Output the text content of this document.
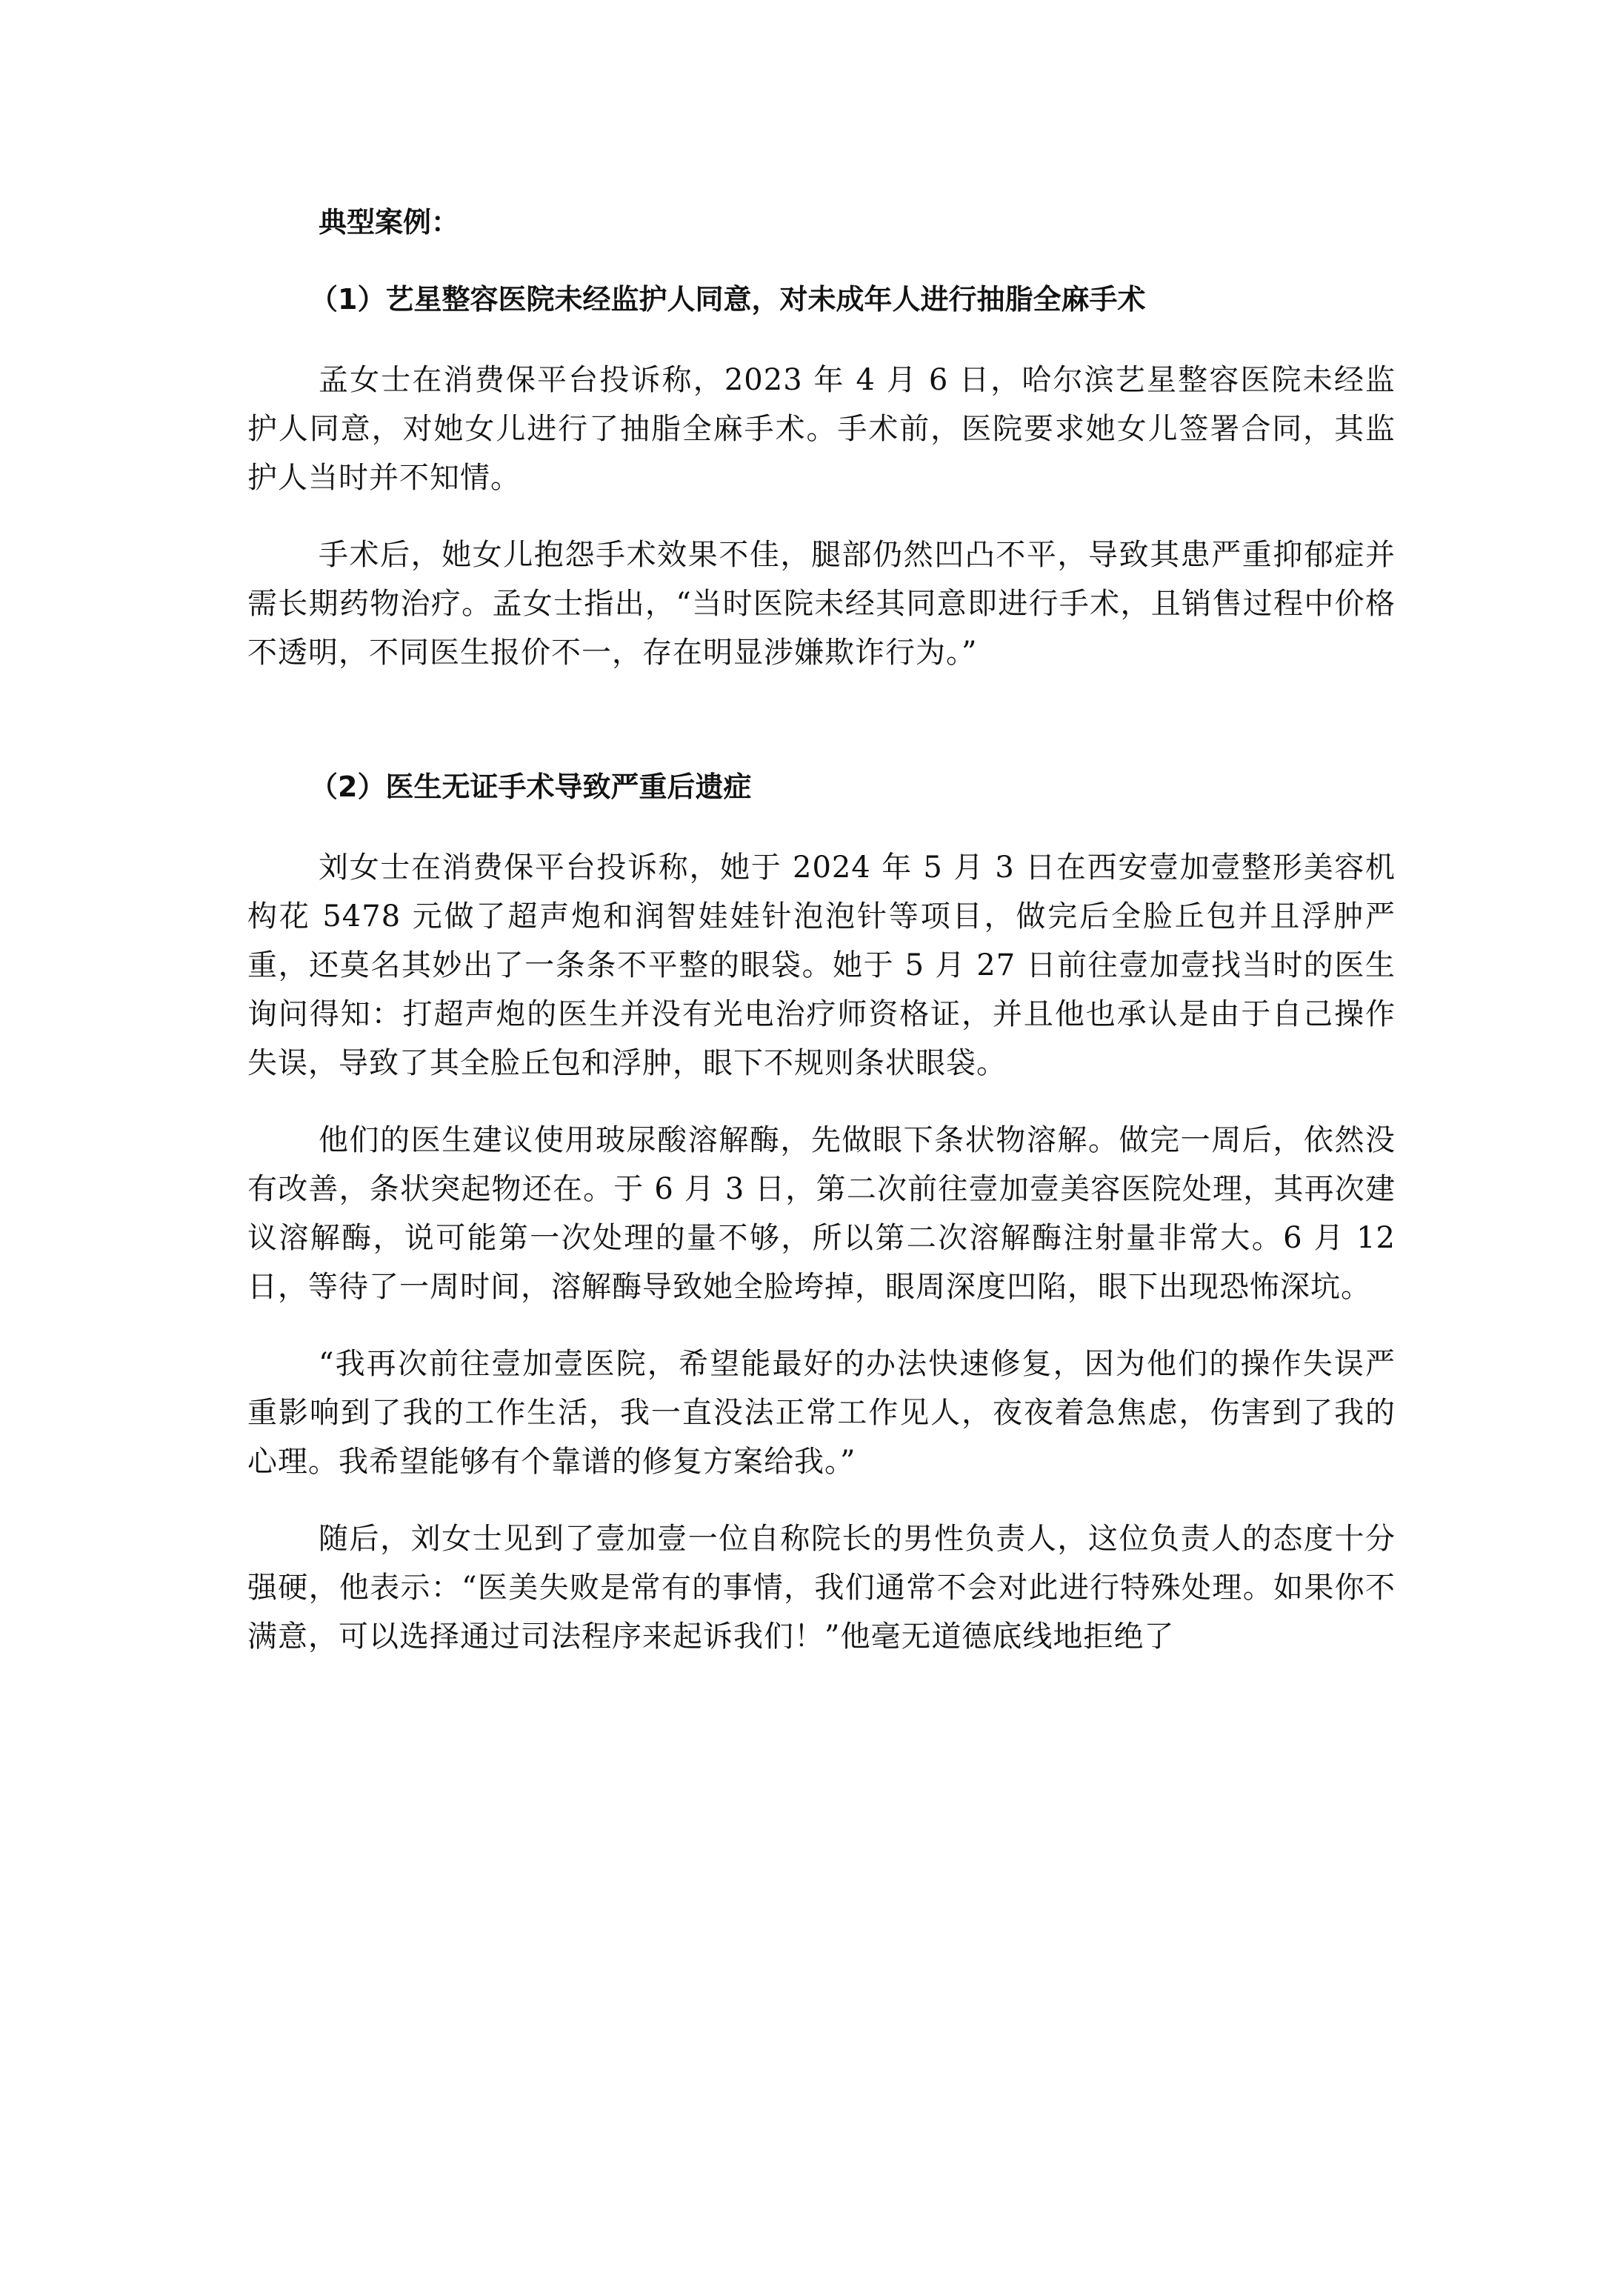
典型案例：
（1）艺星整容医院未经监护人同意，对未成年人进行抽脂全麻手术

孟女士在消费保平台投诉称，2023 年 4 月 6 日，哈尔滨艺星整容医院未经监护人同意，对她女儿进行了抽脂全麻手术。手术前，医院要求她女儿签署合同，其监护人当时并不知情。

手术后，她女儿抱怨手术效果不佳，腿部仍然凹凸不平，导致其患严重抑郁症并需长期药物治疗。孟女士指出，“当时医院未经其同意即进行手术，且销售过程中价格不透明，不同医生报价不一，存在明显涉嫌欺诈行为。”

（2）医生无证手术导致严重后遗症

刘女士在消费保平台投诉称，她于 2024 年 5 月 3 日在西安壹加壹整形美容机构花 5478 元做了超声炮和润智娃娃针泡泡针等项目，做完后全脸丘包并且浮肿严重，还莫名其妙出了一条条不平整的眼袋。她于 5 月 27 日前往壹加壹找当时的医生询问得知：打超声炮的医生并没有光电治疗师资格证，并且他也承认是由于自己操作失误，导致了其全脸丘包和浮肿，眼下不规则条状眼袋。

他们的医生建议使用玻尿酸溶解酶，先做眼下条状物溶解。做完一周后，依然没有改善，条状突起物还在。于 6 月 3 日，第二次前往壹加壹美容医院处理，其再次建议溶解酶，说可能第一次处理的量不够，所以第二次溶解酶注射量非常大。6 月 12 日，等待了一周时间，溶解酶导致她全脸垮掉，眼周深度凹陷，眼下出现恐怖深坑。

“我再次前往壹加壹医院，希望能最好的办法快速修复，因为他们的操作失误严重影响到了我的工作生活，我一直没法正常工作见人，夜夜着急焦虑，伤害到了我的心理。我希望能够有个靠谱的修复方案给我。”

随后，刘女士见到了壹加壹一位自称院长的男性负责人，这位负责人的态度十分强硬，他表示：“医美失败是常有的事情，我们通常不会对此进行特殊处理。如果你不满意，可以选择通过司法程序来起诉我们！”他毫无道德底线地拒绝了
